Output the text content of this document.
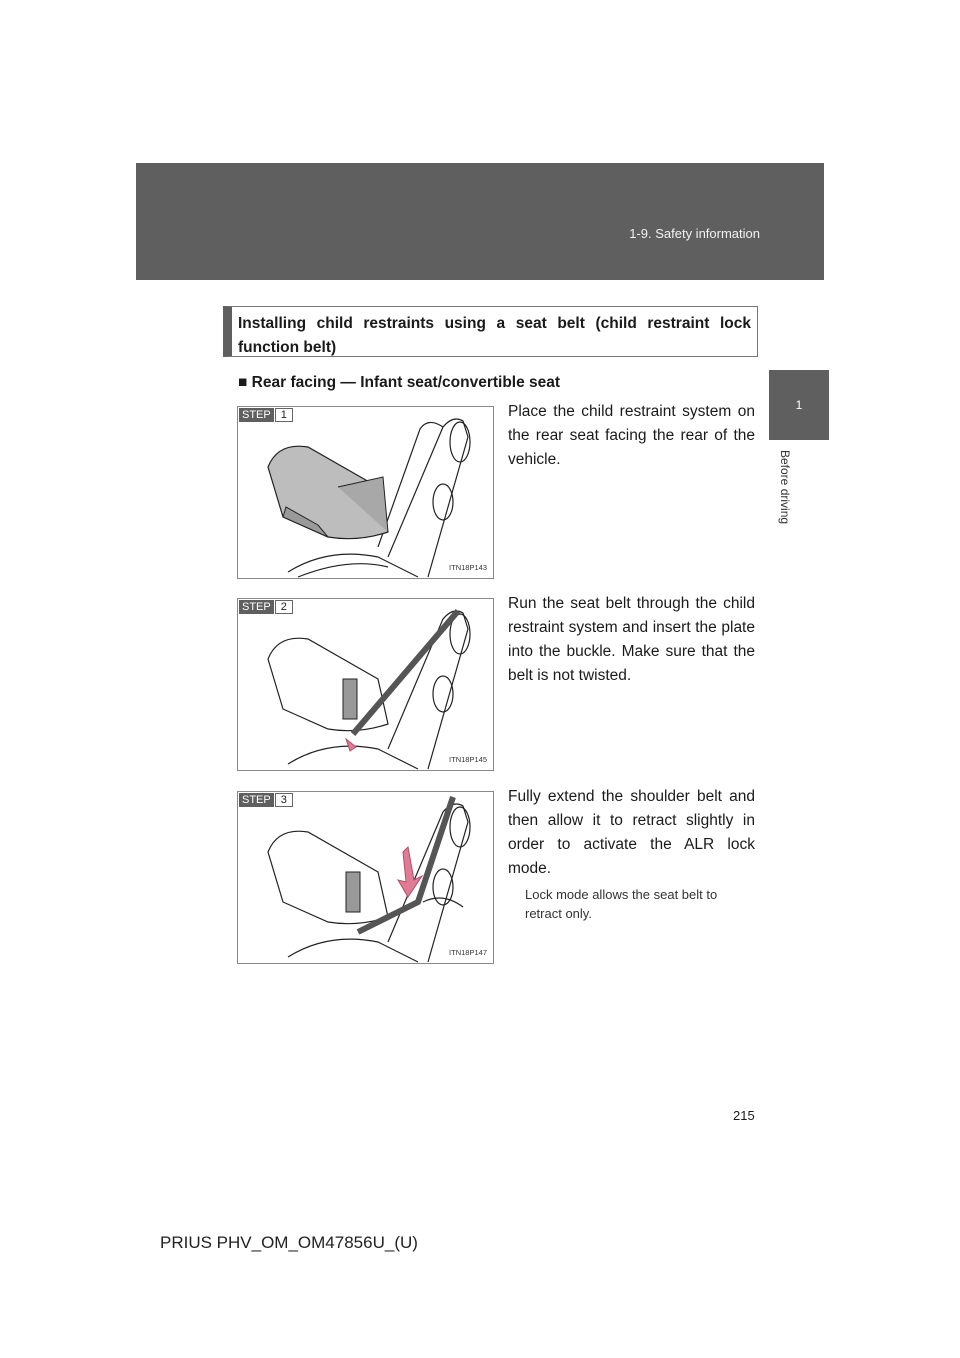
1-9. Safety information
1
Before driving
Installing child restraints using a seat belt (child restraint lock function belt)
■ Rear facing — Infant seat/convertible seat
STEP 1
ITN18P143
Place the child restraint system on the rear seat facing the rear of the vehicle.
STEP 2
ITN18P145
Run the seat belt through the child restraint system and insert the plate into the buckle. Make sure that the belt is not twisted.
STEP 3
ITN18P147
Fully extend the shoulder belt and then allow it to retract slightly in order to activate the ALR lock mode.
Lock mode allows the seat belt to retract only.
215
PRIUS PHV_OM_OM47856U_(U)
